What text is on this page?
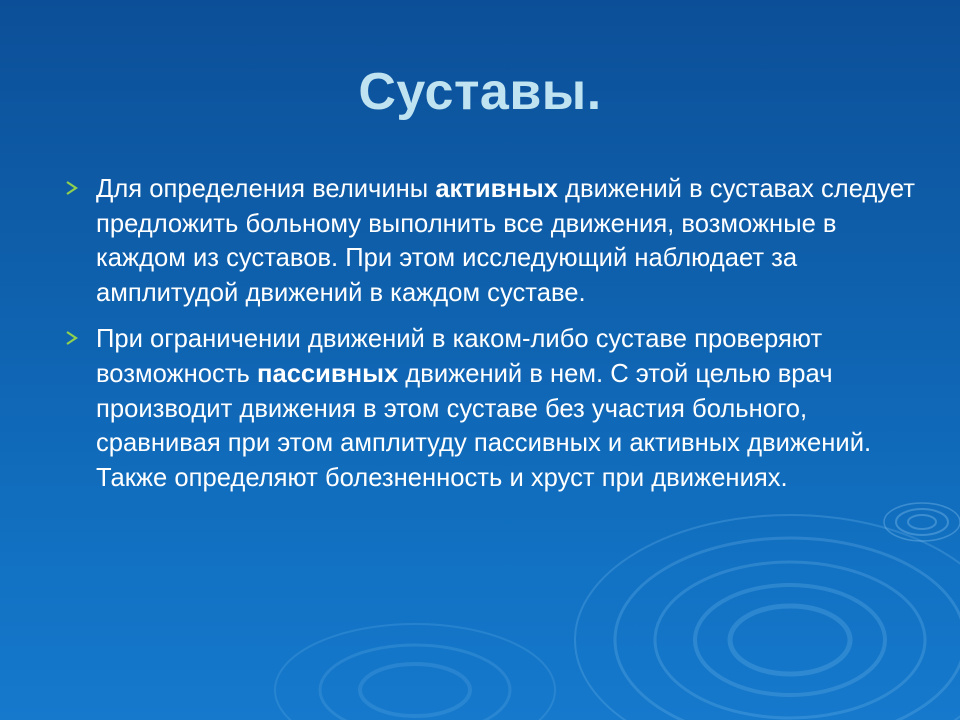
Суставы.
Для определения величины активных движений в суставах следует предложить больному выполнить все движения, возможные в каждом из суставов. При этом исследующий наблюдает за амплитудой движений в каждом суставе.
При ограничении движений в каком-либо суставе проверяют возможность пассивных движений в нем. С этой целью врач производит движения в этом суставе без участия больного, сравнивая при этом амплитуду пассивных и активных движений. Также определяют болезненность и хруст при движениях.
